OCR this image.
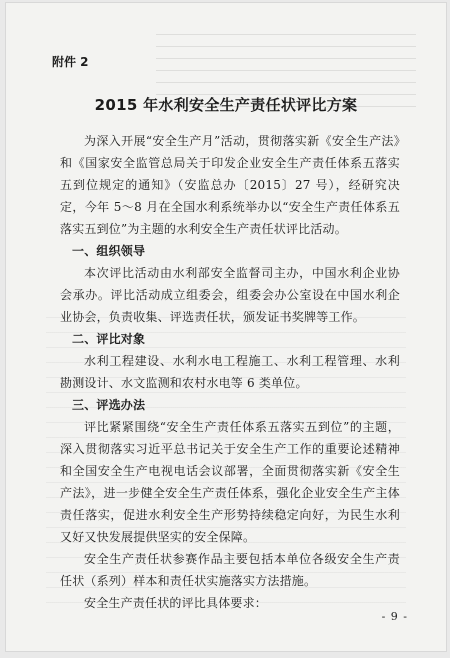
附件 2
2015 年水利安全生产责任状评比方案

为深入开展“安全生产月”活动，贯彻落实新《安全生产法》和《国家安全监管总局关于印发企业安全生产责任体系五落实五到位规定的通知》（安监总办〔2015〕27 号），经研究决定，今年 5～8 月在全国水利系统举办以“安全生产责任体系五落实五到位”为主题的水利安全生产责任状评比活动。

一、组织领导

本次评比活动由水利部安全监督司主办，中国水利企业协会承办。评比活动成立组委会，组委会办公室设在中国水利企业协会，负责收集、评选责任状，颁发证书奖牌等工作。

二、评比对象

水利工程建设、水利水电工程施工、水利工程管理、水利勘测设计、水文监测和农村水电等 6 类单位。

三、评选办法

评比紧紧围绕“安全生产责任体系五落实五到位”的主题，深入贯彻落实习近平总书记关于安全生产工作的重要论述精神和全国安全生产电视电话会议部署，全面贯彻落实新《安全生产法》，进一步健全安全生产责任体系，强化企业安全生产主体责任落实，促进水利安全生产形势持续稳定向好，为民生水利又好又快发展提供坚实的安全保障。

安全生产责任状参赛作品主要包括本单位各级安全生产责任状（系列）样本和责任状实施落实方法措施。

安全生产责任状的评比具体要求：

- 9 -
